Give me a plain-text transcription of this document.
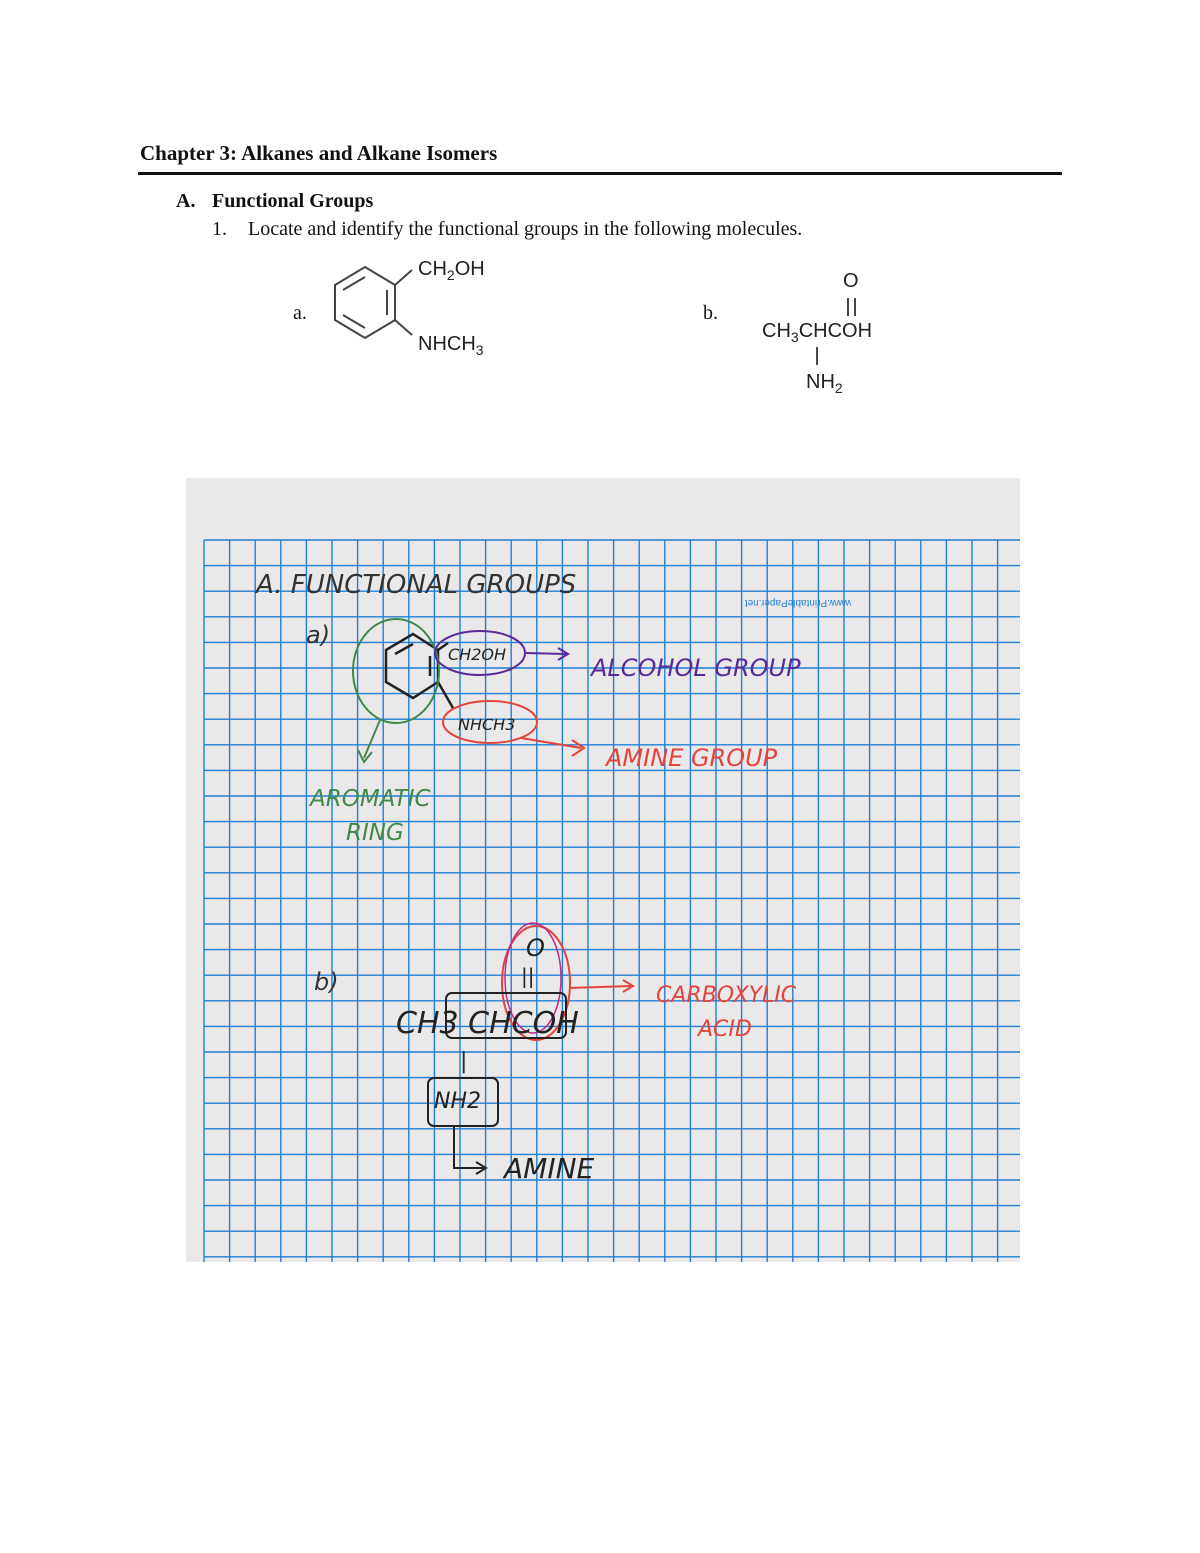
Chapter 3: Alkanes and Alkane Isomers
A. Functional Groups
1. Locate and identify the functional groups in the following molecules.
a.
$CH_2OH$
$NHCH_3$
b.
O
$CH_3CHCOH$
$NH_2$
www.PrintablePaper.net
A. FUNCTIONAL GROUPS
a)
CH2OH	ALCOHOL GROUP
NHCH3
AMINE GROUP
AROMATIC
RING
b)
O
||
CH3 CHCOH
|
NH2
CARBOXYLIC
ACID
AMINE
